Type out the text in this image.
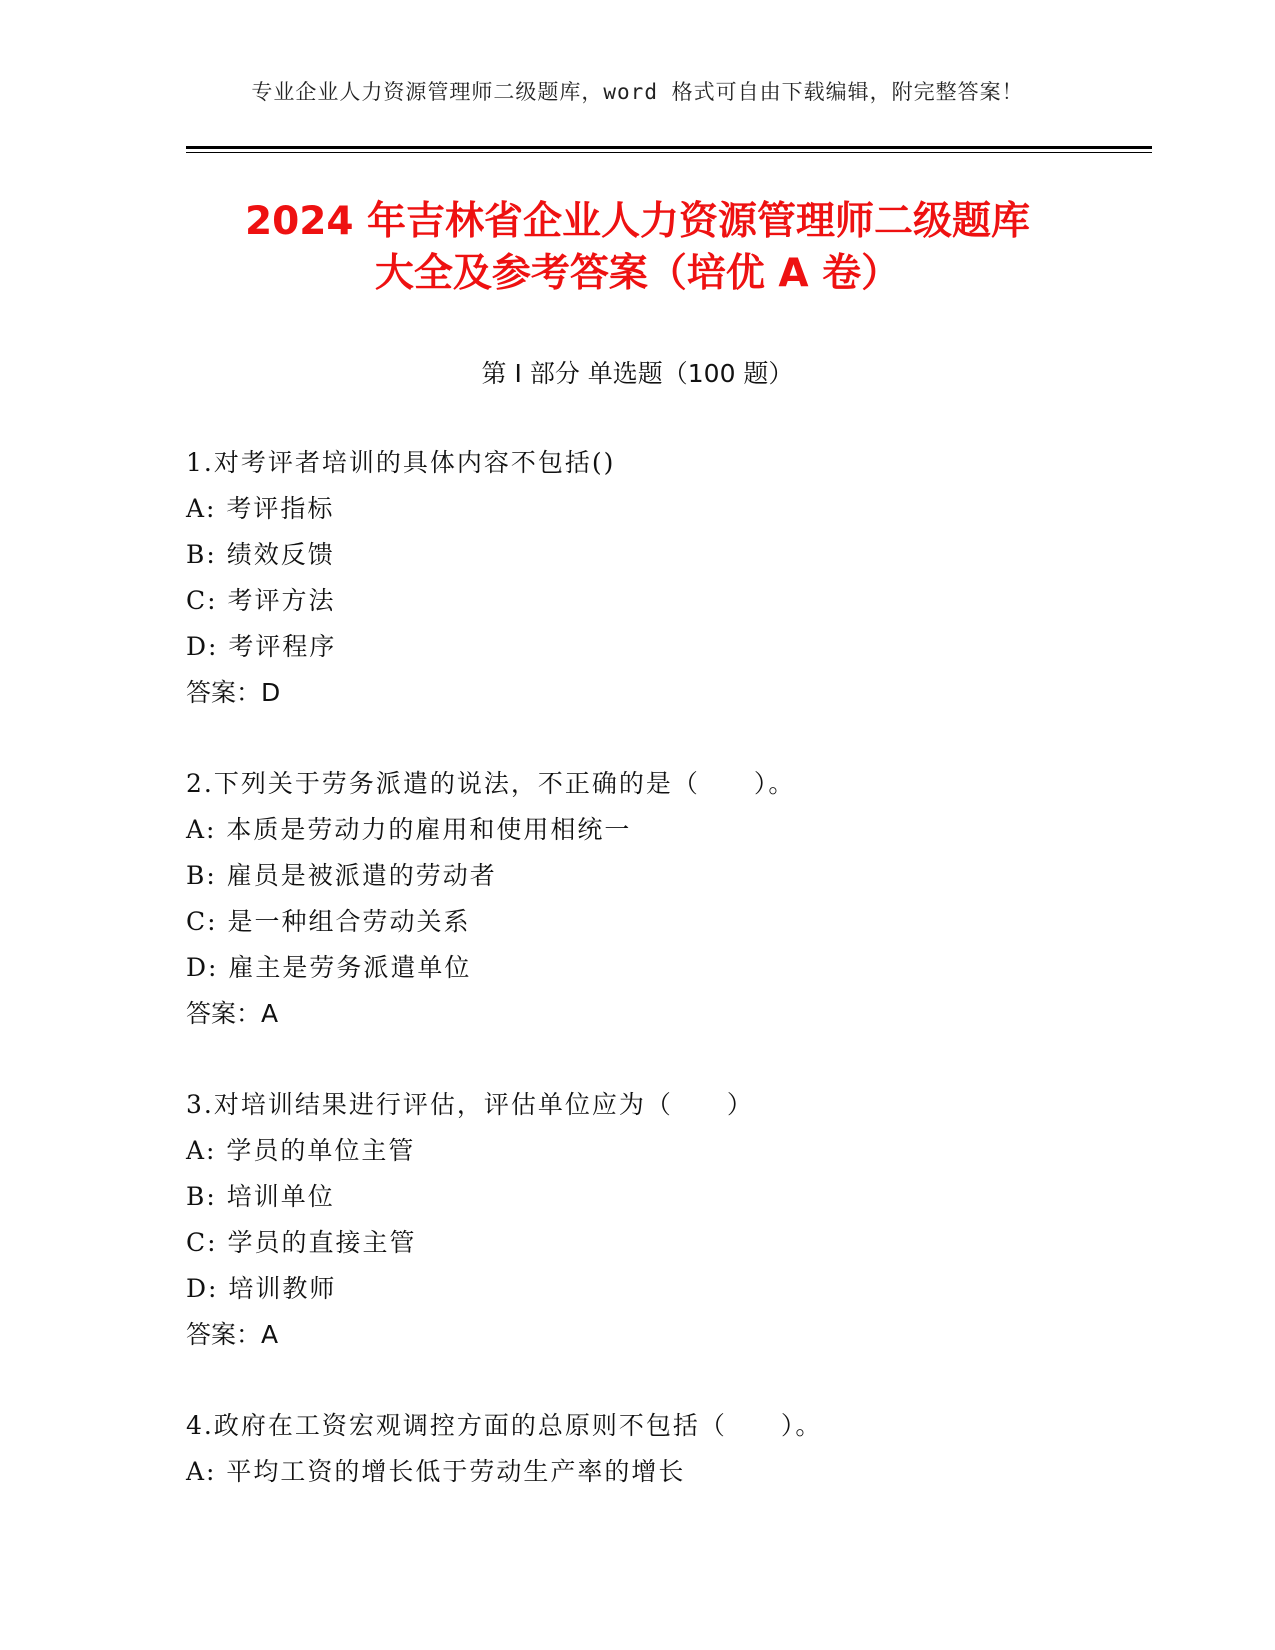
专业企业人力资源管理师二级题库，word 格式可自由下载编辑，附完整答案！
2024 年吉林省企业人力资源管理师二级题库
大全及参考答案（培优 A 卷）
第 I 部分 单选题（100 题）
1.对考评者培训的具体内容不包括()
A: 考评指标
B: 绩效反馈
C: 考评方法
D: 考评程序
答案：D
2.下列关于劳务派遣的说法，不正确的是（　　）。
A: 本质是劳动力的雇用和使用相统一
B: 雇员是被派遣的劳动者
C: 是一种组合劳动关系
D: 雇主是劳务派遣单位
答案：A
3.对培训结果进行评估，评估单位应为（　　）
A: 学员的单位主管
B: 培训单位
C: 学员的直接主管
D: 培训教师
答案：A
4.政府在工资宏观调控方面的总原则不包括（　　）。
A: 平均工资的增长低于劳动生产率的增长
